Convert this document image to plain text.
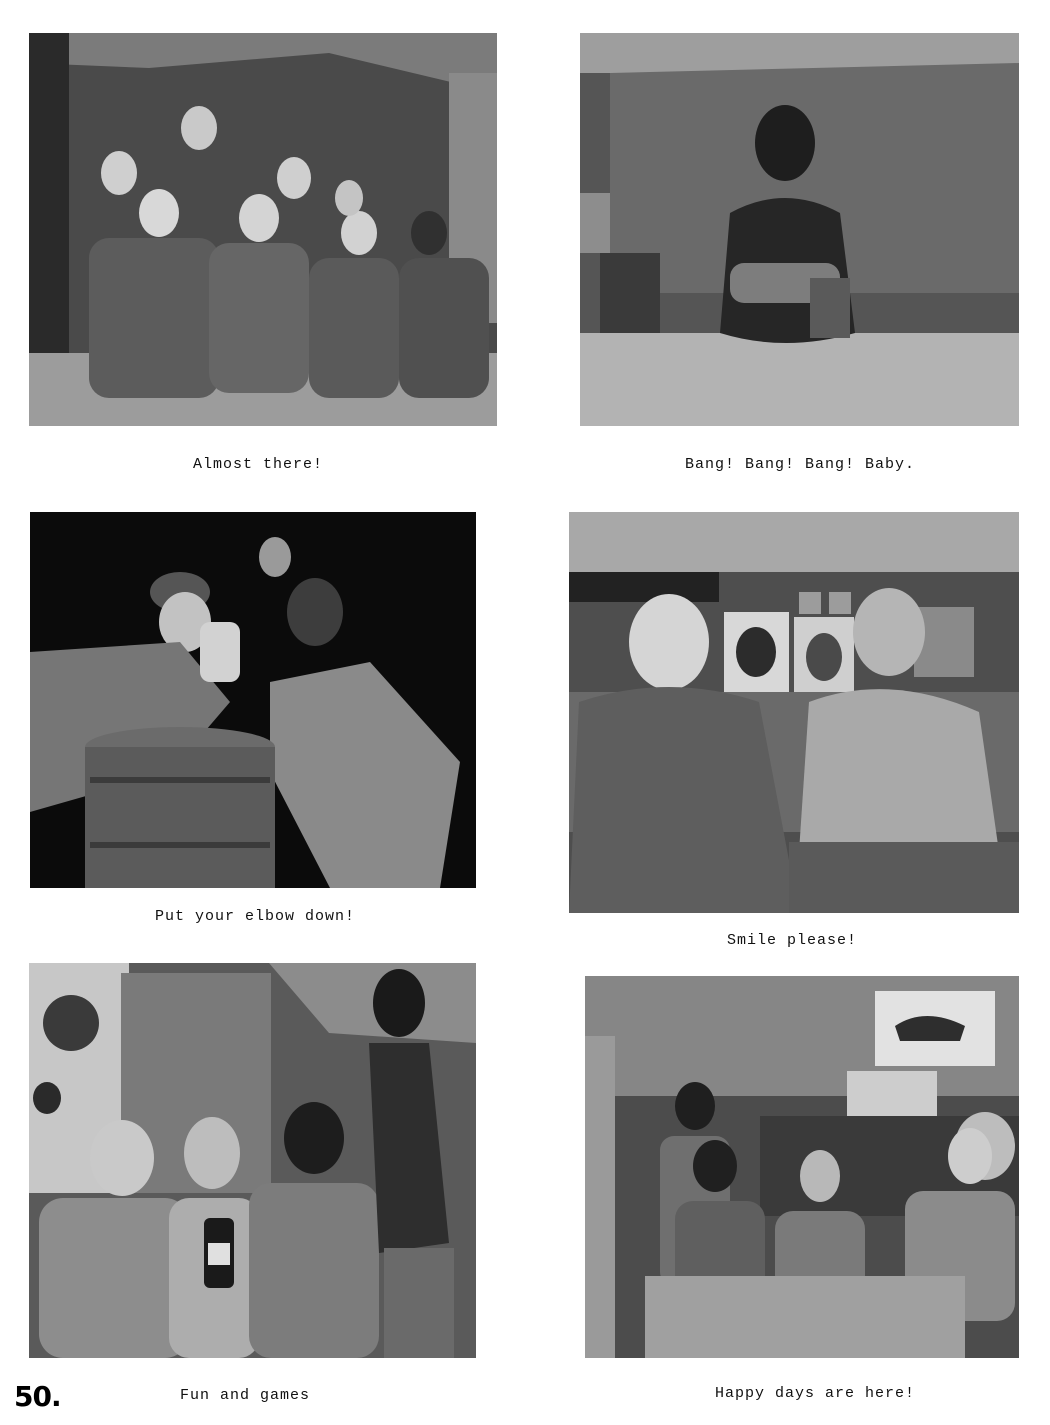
Almost there!	Bang! Bang! Bang! Baby.
Put your elbow down!
Smile please!
Fun and games	Happy days are here!
50.
